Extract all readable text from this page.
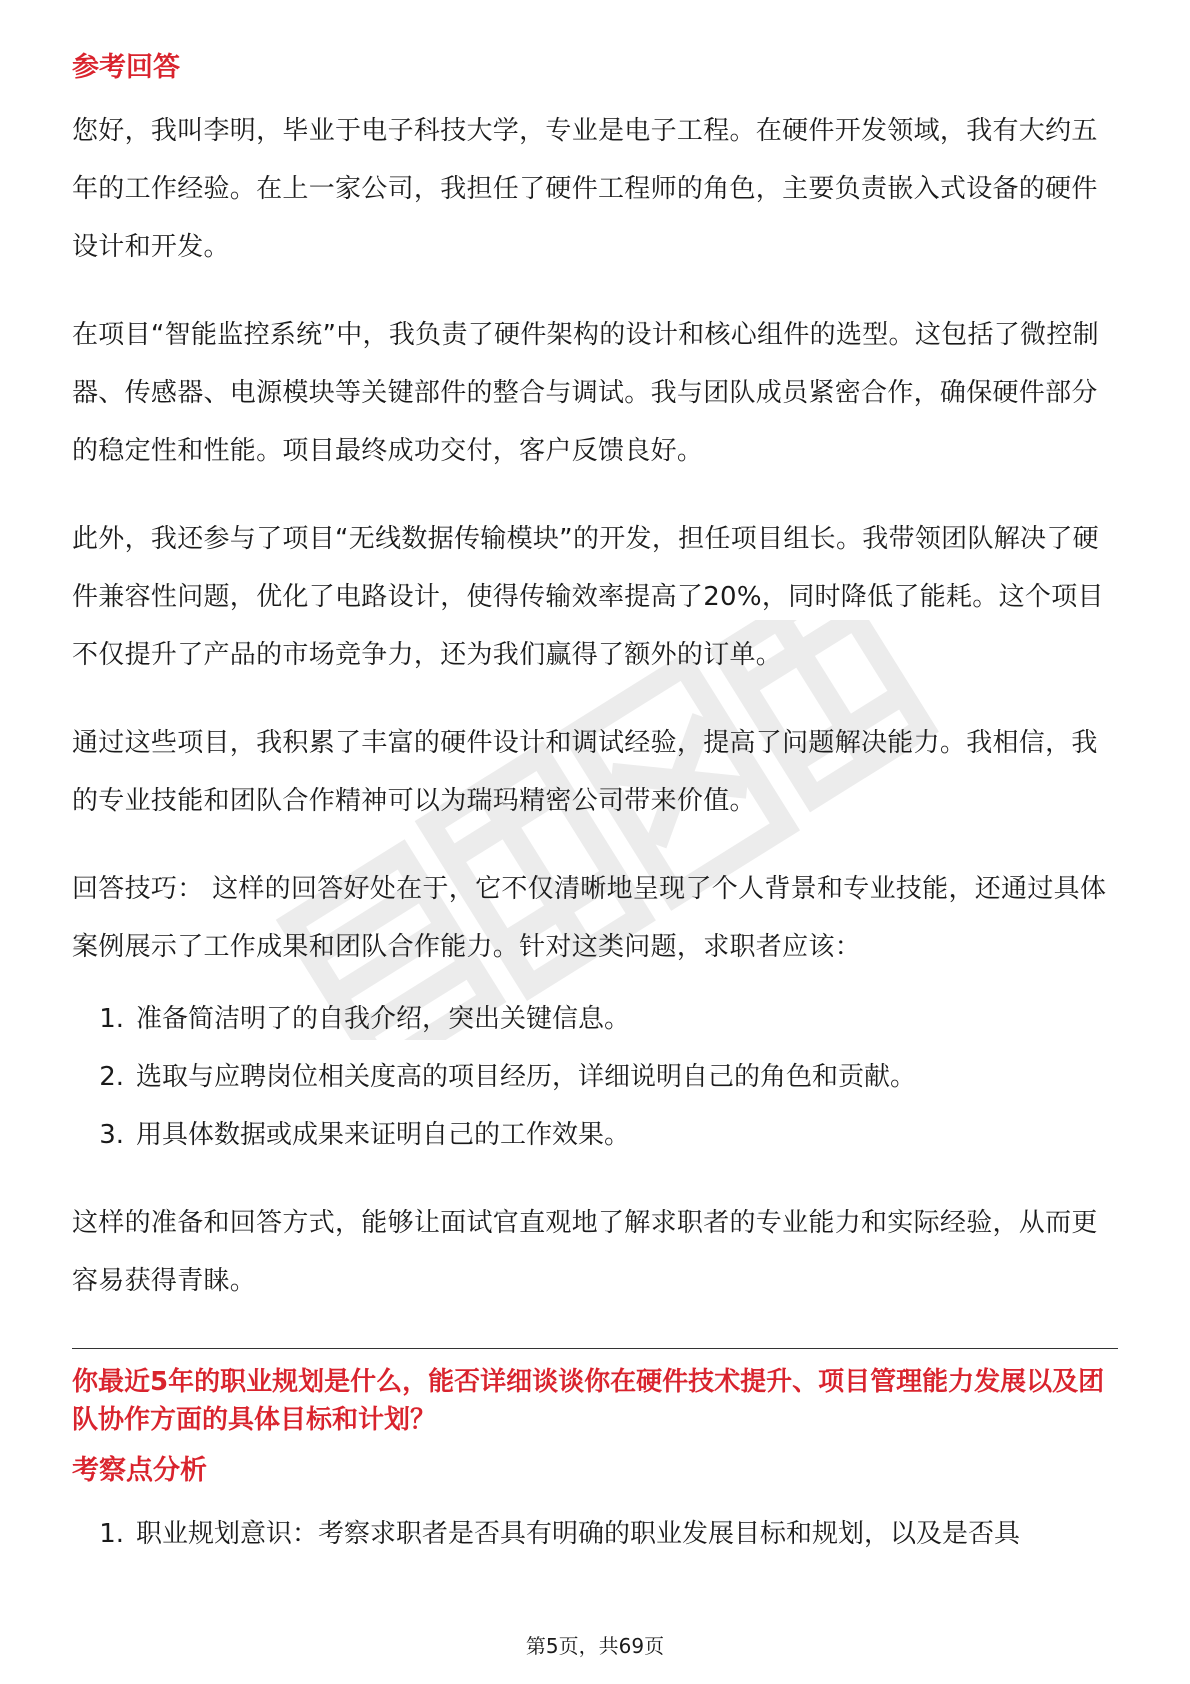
参考回答

您好，我叫李明，毕业于电子科技大学，专业是电子工程。在硬件开发领域，我有大约五年的工作经验。在上一家公司，我担任了硬件工程师的角色，主要负责嵌入式设备的硬件设计和开发。

在项目“智能监控系统”中，我负责了硬件架构的设计和核心组件的选型。这包括了微控制器、传感器、电源模块等关键部件的整合与调试。我与团队成员紧密合作，确保硬件部分的稳定性和性能。项目最终成功交付，客户反馈良好。

此外，我还参与了项目“无线数据传输模块”的开发，担任项目组长。我带领团队解决了硬件兼容性问题，优化了电路设计，使得传输效率提高了20%，同时降低了能耗。这个项目不仅提升了产品的市场竞争力，还为我们赢得了额外的订单。

通过这些项目，我积累了丰富的硬件设计和调试经验，提高了问题解决能力。我相信，我的专业技能和团队合作精神可以为瑞玛精密公司带来价值。

回答技巧： 这样的回答好处在于，它不仅清晰地呈现了个人背景和专业技能，还通过具体案例展示了工作成果和团队合作能力。针对这类问题，求职者应该：

1. 准备简洁明了的自我介绍，突出关键信息。
2. 选取与应聘岗位相关度高的项目经历，详细说明自己的角色和贡献。
3. 用具体数据或成果来证明自己的工作效果。

这样的准备和回答方式，能够让面试官直观地了解求职者的专业能力和实际经验，从而更容易获得青睐。

你最近5年的职业规划是什么，能否详细谈谈你在硬件技术提升、项目管理能力发展以及团队协作方面的具体目标和计划？

考察点分析

1. 职业规划意识：考察求职者是否具有明确的职业发展目标和规划，以及是否具
第5页，共69页
